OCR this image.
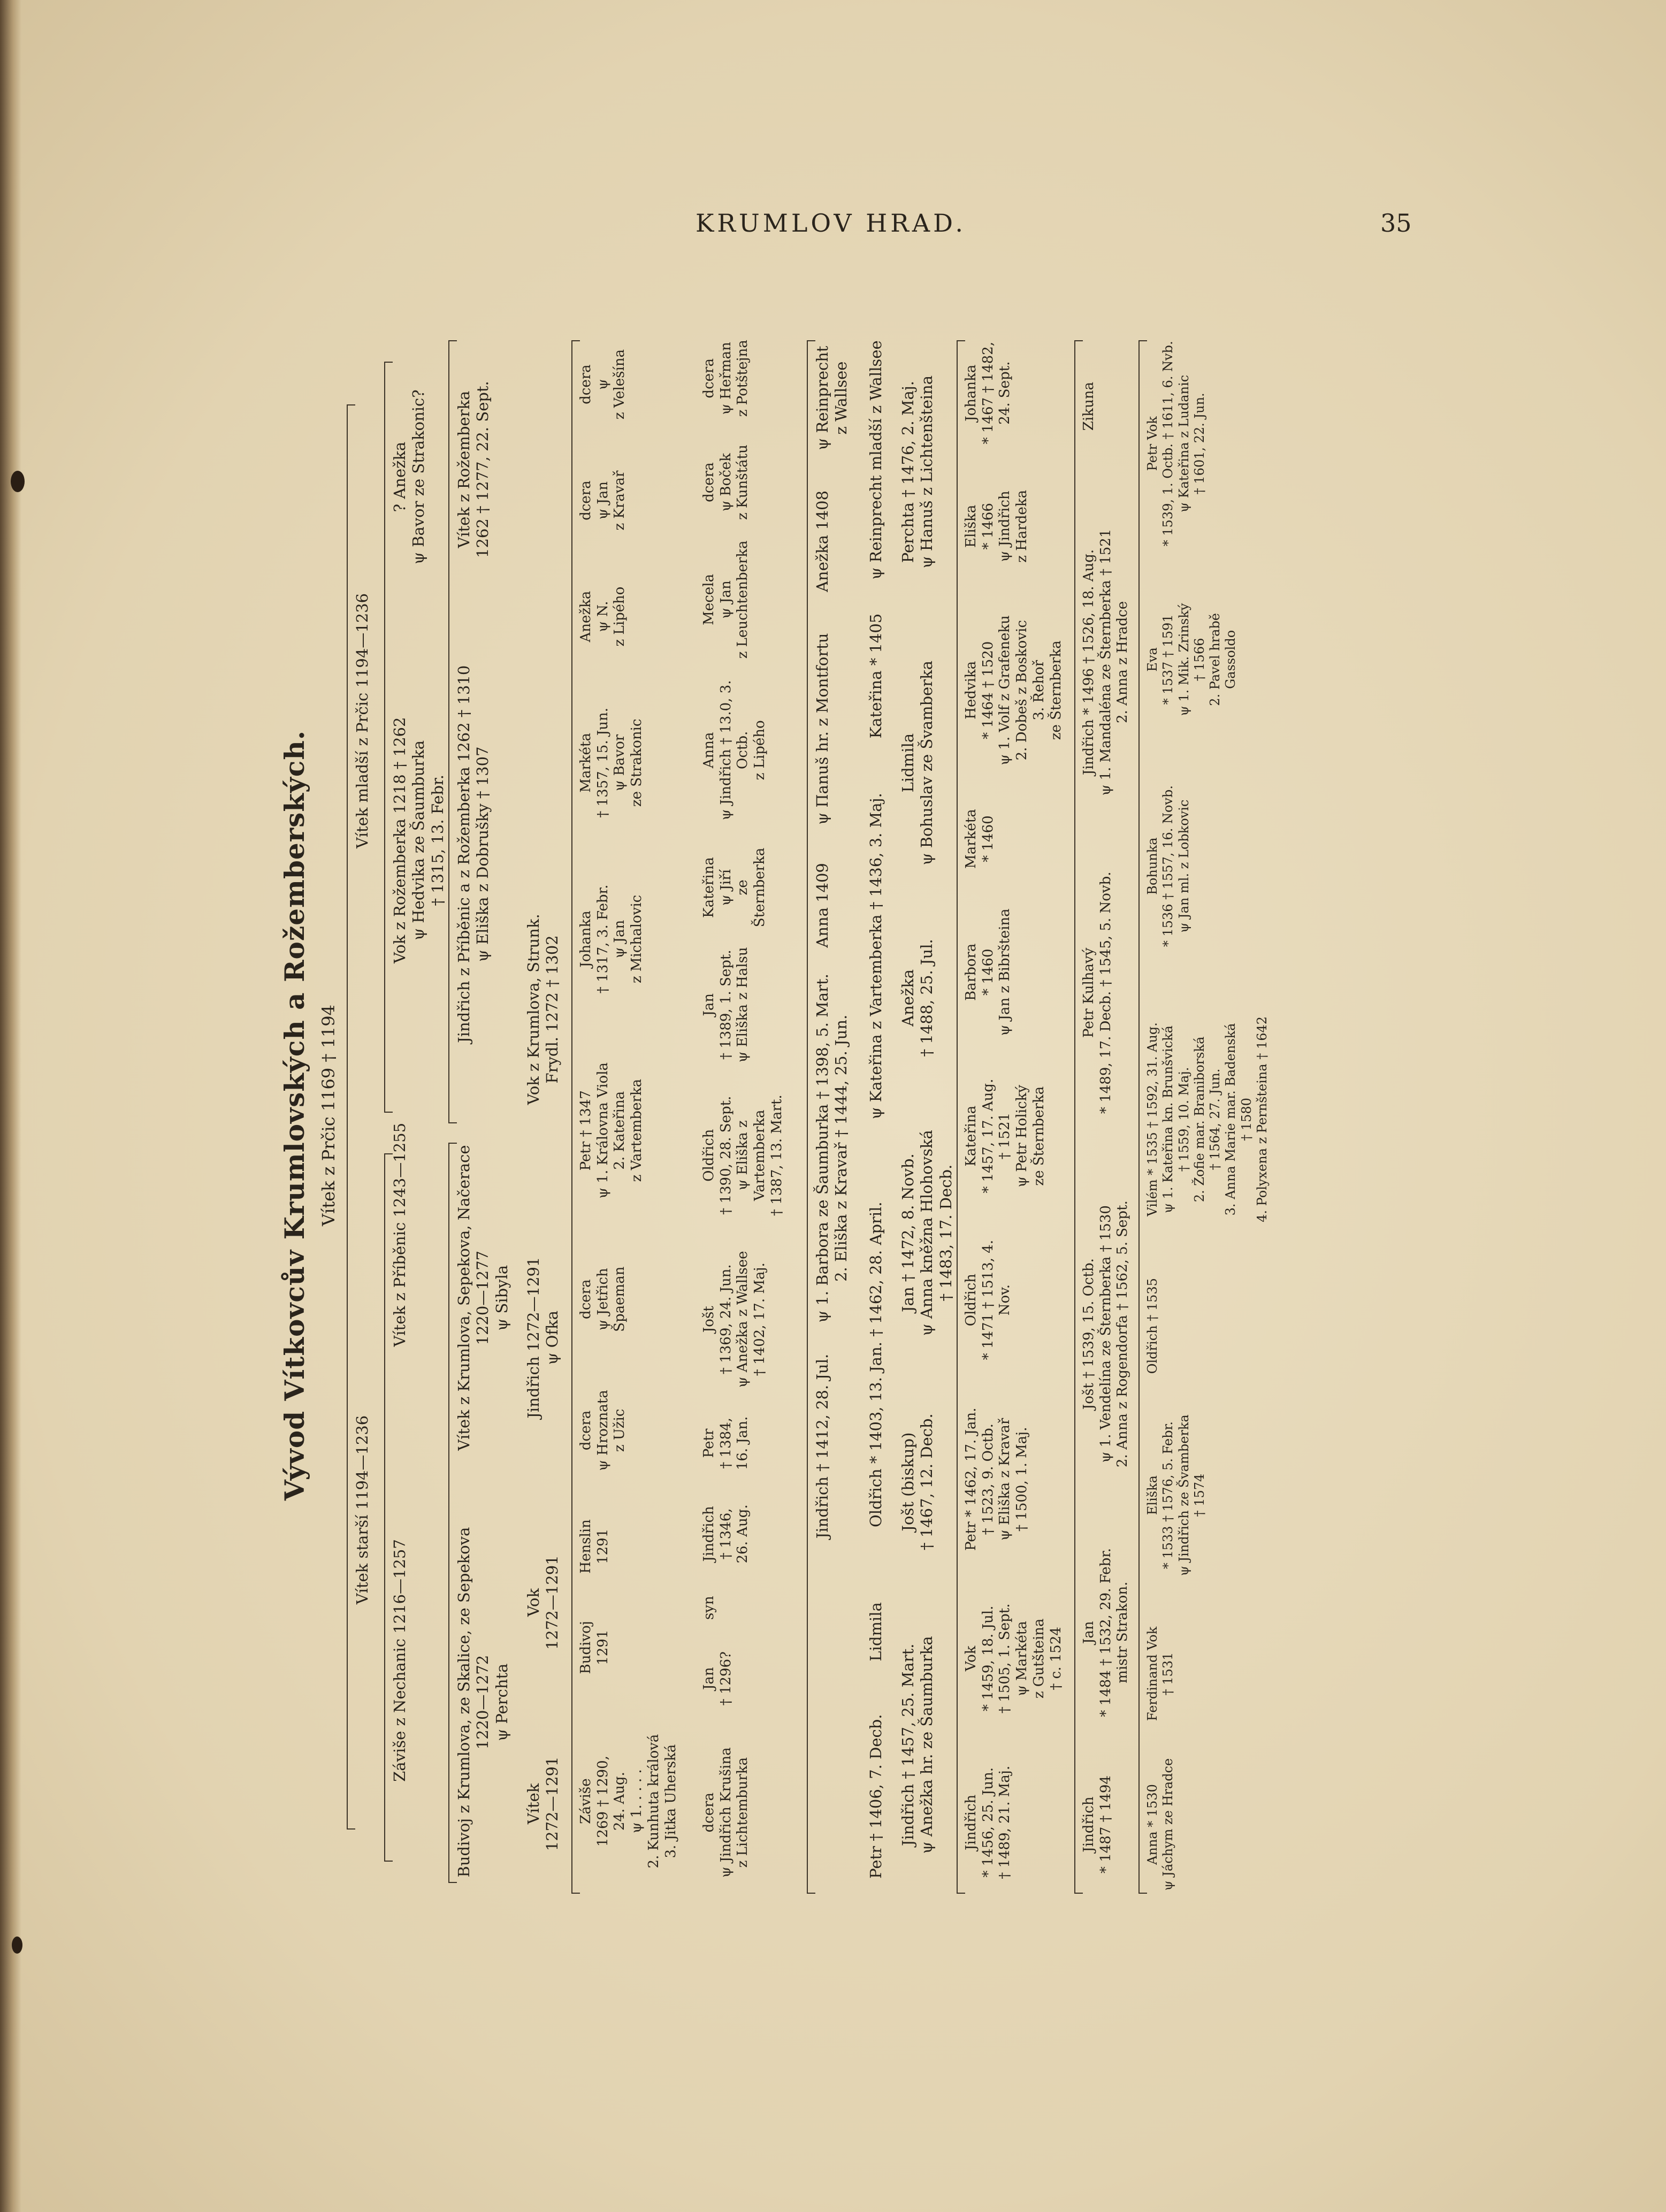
KRUMLOV HRAD.	35
Vývod Vítkovcův Krumlovských a Rožemberských. Vítek z Prčic 1169 † 1194
Vítek starší 1194—1236
Vítek mladší z Prčic 1194—1236
Záviše z Nechanic 1216—1257
Vítek z Příběnic 1243—1255
Vok z Rožemberka 1218 † 1262
ψ Hedvika ze Šaumburka
† 1315, 13. Febr.
? Anežka
ψ Bavor ze Strakonic?
Budivoj z Krumlova, ze Skalice, ze Sepekova
1220—1272
ψ Perchta
Vítek z Krumlova, Sepekova, Načerace
1220—1277
ψ Sibyla
Jindřich z Příběnic a z Rožemberka 1262 † 1310
ψ Eliška z Dobrušky † 1307
Vítek z Rožemberka
1262 † 1277, 22. Sept.
Vítek
1272—1291
Vok
1272—1291
Jindřich 1272—1291
ψ Ofka
Vok z Krumlova, Strunk.
Frydl. 1272 † 1302
Záviše
1269 † 1290,
24. Aug.
ψ 1. . . . .
2. Kunhuta králová
3. Jitka Uherská
Budivoj
1291
Henslin
1291
dcera
ψ Hroznata
z Užic
dcera
ψ Jetřich
Špaeman
Petr † 1347
ψ 1. Královna Viola
2. Kateřina
z Vartemberka
Johanka
† 1317, 3. Febr.
ψ Jan
z Michalovic
Markéta
† 1357, 15. Jun.
ψ Bavor
ze Strakonic
Anežka
ψ N.
z Lipého
dcera
ψ Jan
z Kravař
dcera
ψ
z Velešína
dcera
ψ Jindřich Krušina
z Lichtemburka
Jan
† 1296?
syn
Jindřich
† 1346,
26. Aug.
Petr
† 1384,
16. Jan.
Jošt
† 1369, 24. Jun.
ψ Anežka z Wallsee
† 1402, 17. Maj.
Oldřich
† 1390, 28. Sept.
ψ Eliška z Vartemberka
† 1387, 13. Mart.
Jan
† 1389, 1. Sept.
ψ Eliška z Halsu
Kateřina
ψ Jiří
ze Šternberka
Anna
ψ Jindřich † 13.0, 3. Octb.
z Lipého
Mecela
ψ Jan
z Leuchtenberka
dcera
ψ Boček
z Kunštátu
dcera
ψ Heřman
z Potštejna
Jindřich † 1412, 28. Jul.
ψ 1. Barbora ze Šaumburka † 1398, 5. Mart.
2. Eliška z Kravař † 1444, 25. Jun.
Anna 1409
ψ Пanuš hr. z Montfortu
Anežka 1408
ψ Reinprecht
z Wallsee
Petr † 1406, 7. Decb.
Lidmila
Oldřich * 1403, 13. Jan. † 1462, 28. April.
ψ Kateřina z Vartemberka † 1436, 3. Maj.
Kateřina * 1405
ψ Reinprecht mladší z Wallsee
Jindřich † 1457, 25. Mart.
ψ Anežka hr. ze Šaumburka
Jošt (biskup)
† 1467, 12. Decb.
Jan † 1472, 8. Novb.
ψ Anna kněžna Hlohovská
† 1483, 17. Decb.
Anežka
† 1488, 25. Jul.
Lidmila
ψ Bohuslav ze Švamberka
Perchta † 1476, 2. Maj.
ψ Hanuš z Lichtenšteina
Jindřich
* 1456, 25. Jun.
† 1489, 21. Maj.
Vok
* 1459, 18. Jul.
† 1505, 1. Sept.
ψ Markéta
z Gutšteina
† c. 1524
Petr * 1462, 17. Jan.
† 1523, 9. Octb.
ψ Eliška z Kravař
† 1500, 1. Maj.
Oldřich
* 1471 † 1513, 4. Nov.
Kateřina
* 1457, 17. Aug.
† 1521
ψ Petr Holický
ze Šternberka
Barbora
* 1460
ψ Jan z Bibršteina
Markéta
* 1460
Hedvika
* 1464 † 1520
ψ 1. Volf z Grafeneku
2. Dobeš z Boskovic
3. Řehoř
ze Šternberka
Eliška
* 1466
ψ Jindřich
z Hardeka
Johanka
* 1467 † 1482,
24. Sept.
Jindřich
* 1487 † 1494
Jan
* 1484 † 1532, 29. Febr.
mistr Strakon.
Jošt † 1539, 15. Octb.
ψ 1. Vendelína ze Šternberka † 1530
2. Anna z Rogendorfa † 1562, 5. Sept.
Petr Kulhavý
* 1489, 17. Decb. † 1545, 5. Novb.
Jindřich * 1496 † 1526, 18. Aug.
ψ 1. Mandaléna ze Šternberka † 1521
2. Anna z Hradce
Zikuna
Anna * 1530
ψ Jáchym ze Hradce
Ferdinand Vok
† 1531
Eliška
* 1533 † 1576, 5. Febr.
ψ Jindřich ze Švamberka
† 1574
Oldřich † 1535
Vilém * 1535 † 1592, 31. Aug.
ψ 1. Kateřina kn. Brunšvická
† 1559, 10. Maj.
2. Žofie mar. Braniborská
† 1564, 27. Jun.
3. Anna Marie mar. Badenská
† 1580
4. Polyxena z Pernšteina † 1642
Bohunka
* 1536 † 1557, 16. Novb.
ψ Jan ml. z Lobkovic
Eva
* 1537 † 1591
ψ 1. Mik. Zrinský
† 1566
2. Pavel hrabě
Gassoldo
Petr Vok
* 1539, 1. Octb. † 1611, 6. Nvb.
ψ Kateřina z Ludanic
† 1601, 22. Jun.
